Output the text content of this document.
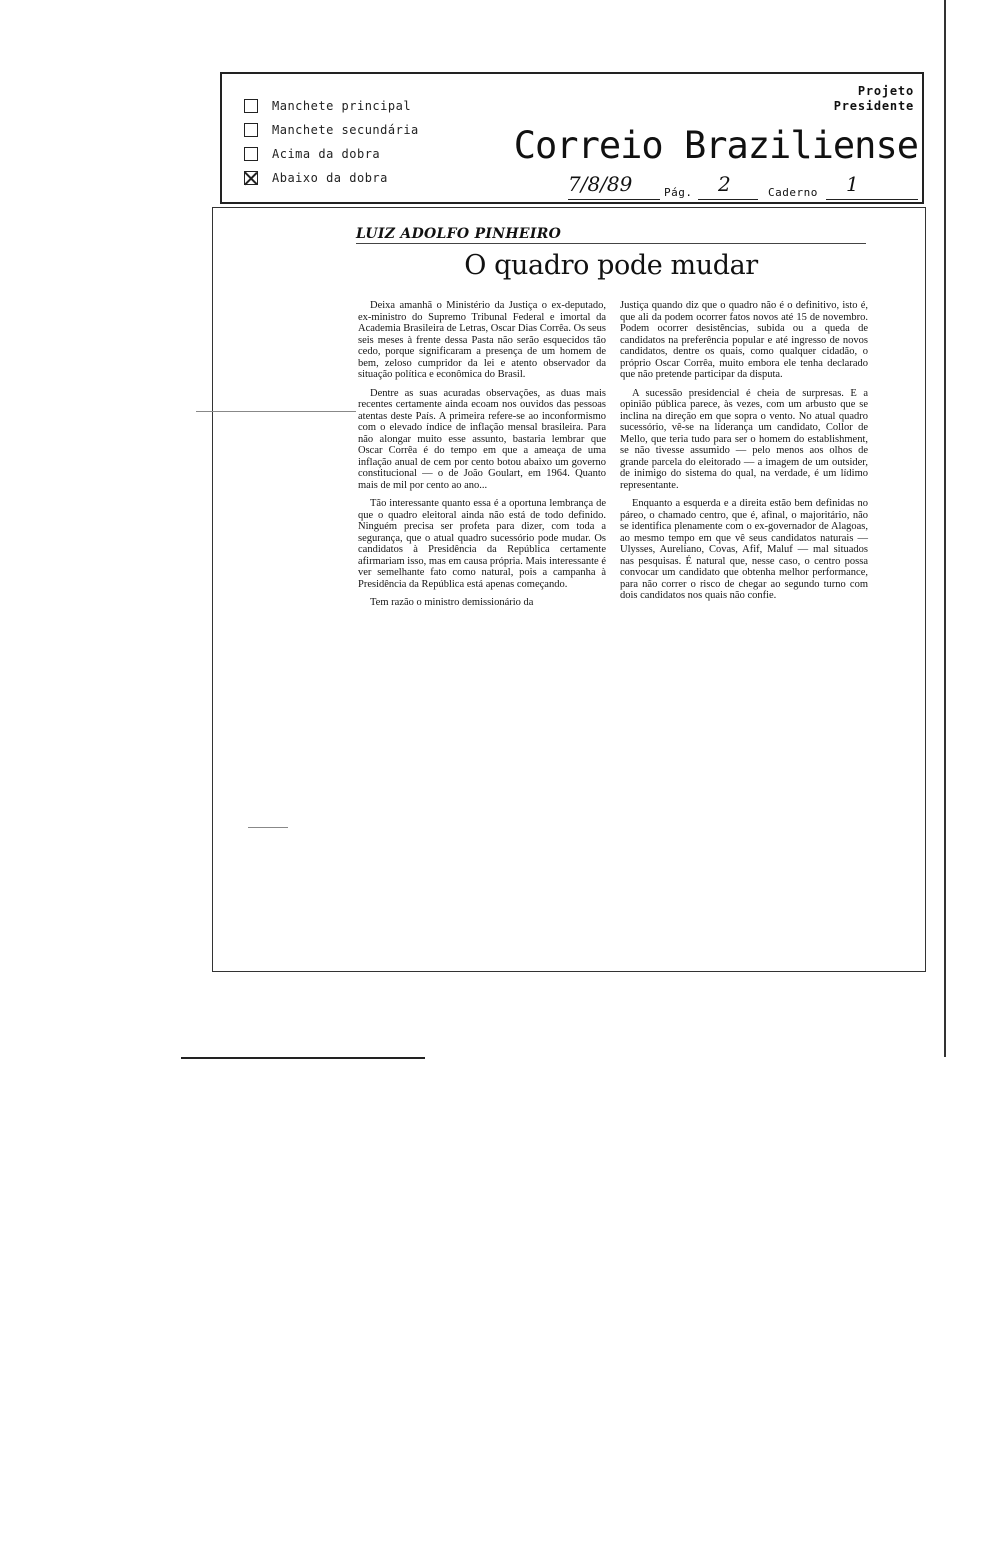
Manchete principal
Manchete secundária
Acima da dobra
Abaixo da dobra
Projeto
Presidente
Correio Braziliense
7/8/89	Pág. 2	Caderno 1
LUIZ ADOLFO PINHEIRO
O quadro pode mudar

Deixa amanhã o Ministério da Justiça o ex-deputado, ex-ministro do Supremo Tribunal Federal e imortal da Academia Brasileira de Letras, Oscar Dias Corrêa. Os seus seis meses à frente dessa Pasta não serão esquecidos tão cedo, porque significaram a presença de um homem de bem, zeloso cumpridor da lei e atento observador da situação política e econômica do Brasil.

Dentre as suas acuradas observações, as duas mais recentes certamente ainda ecoam nos ouvidos das pessoas atentas deste País. A primeira refere-se ao inconformismo com o elevado índice de inflação mensal brasileira. Para não alongar muito esse assunto, bastaria lembrar que Oscar Corrêa é do tempo em que a ameaça de uma inflação anual de cem por cento botou abaixo um governo constitucional — o de João Goulart, em 1964. Quanto mais de mil por cento ao ano...

Tão interessante quanto essa é a oportuna lembrança de que o quadro eleitoral ainda não está de todo definido. Ninguém precisa ser profeta para dizer, com toda a segurança, que o atual quadro sucessório pode mudar. Os candidatos à Presidência da República certamente afirmariam isso, mas em causa própria. Mais interessante é ver semelhante fato como natural, pois a campanha à Presidência da República está apenas começando.

Tem razão o ministro demissionário da

Justiça quando diz que o quadro não é o definitivo, isto é, que ali da podem ocorrer fatos novos até 15 de novembro. Podem ocorrer desistências, subida ou a queda de candidatos na preferência popular e até ingresso de novos candidatos, dentre os quais, como qualquer cidadão, o próprio Oscar Corrêa, muito embora ele tenha declarado que não pretende participar da disputa.

A sucessão presidencial é cheia de surpresas. E a opinião pública parece, às vezes, com um arbusto que se inclina na direção em que sopra o vento. No atual quadro sucessório, vê-se na liderança um candidato, Collor de Mello, que teria tudo para ser o homem do establishment, se não tivesse assumido — pelo menos aos olhos de grande parcela do eleitorado — a imagem de um outsider, de inimigo do sistema do qual, na verdade, é um lídimo representante.

Enquanto a esquerda e a direita estão bem definidas no páreo, o chamado centro, que é, afinal, o majoritário, não se identifica plenamente com o ex-governador de Alagoas, ao mesmo tempo em que vê seus candidatos naturais — Ulysses, Aureliano, Covas, Afif, Maluf — mal situados nas pesquisas. É natural que, nesse caso, o centro possa convocar um candidato que obtenha melhor performance, para não correr o risco de chegar ao segundo turno com dois candidatos nos quais não confie.
